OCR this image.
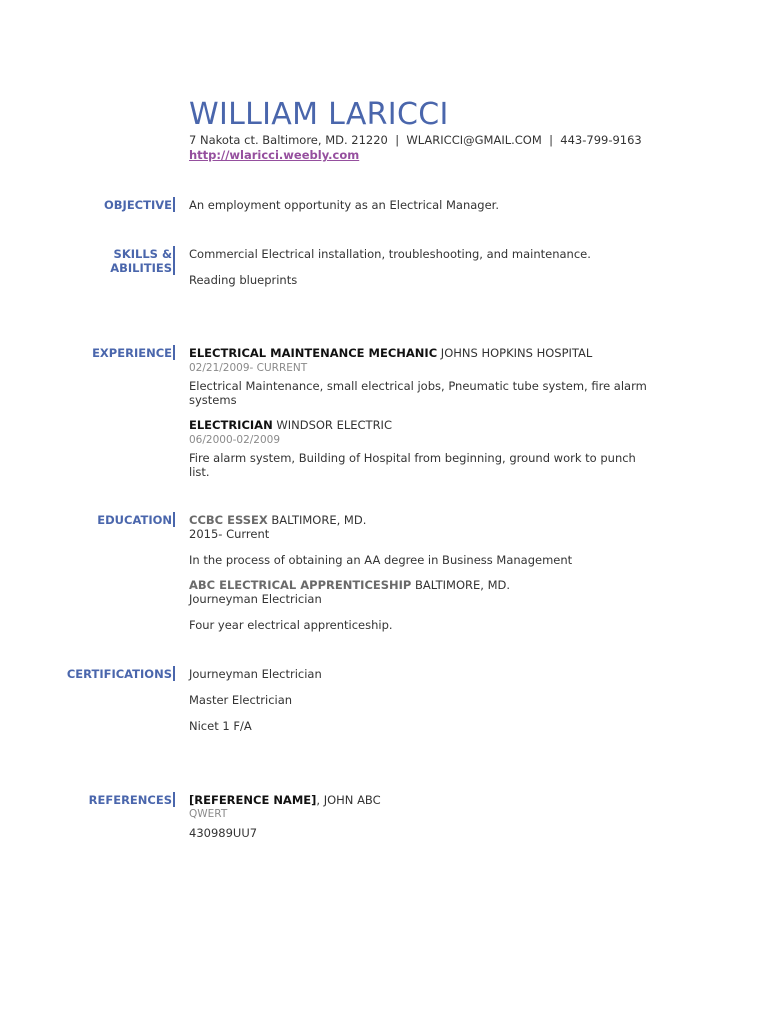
WILLIAM LARICCI
7 Nakota ct. Baltimore, MD. 21220 | WLARICCI@GMAIL.COM | 443-799-9163
http://wlaricci.weebly.com
OBJECTIVE An employment opportunity as an Electrical Manager.
SKILLS &
ABILITIES
Commercial Electrical installation, troubleshooting, and maintenance.
Reading blueprints
EXPERIENCE ELECTRICAL MAINTENANCE MECHANIC JOHNS HOPKINS HOSPITAL
02/21/2009- CURRENT
Electrical Maintenance, small electrical jobs, Pneumatic tube system, fire alarm systems
ELECTRICIAN WINDSOR ELECTRIC
06/2000-02/2009
Fire alarm system, Building of Hospital from beginning, ground work to punch list.
EDUCATION CCBC ESSEX BALTIMORE, MD.
2015- Current
In the process of obtaining an AA degree in Business Management
ABC ELECTRICAL APPRENTICESHIP BALTIMORE, MD.
Journeyman Electrician
Four year electrical apprenticeship.
CERTIFICATIONS Journeyman Electrician
Master Electrician
Nicet 1 F/A
REFERENCES [REFERENCE NAME], JOHN ABC
QWERT
430989UU7
